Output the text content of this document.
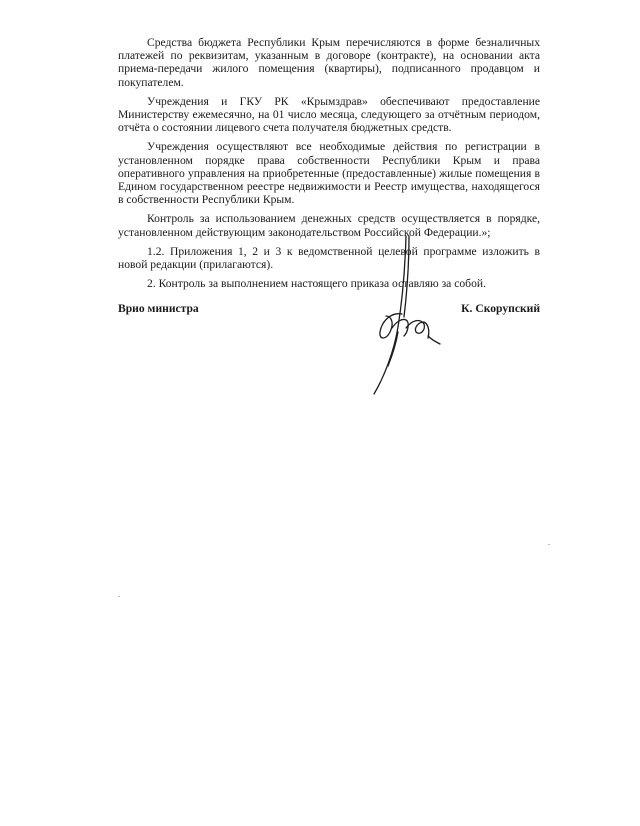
Средства бюджета Республики Крым перечисляются в форме безналичных платежей по реквизитам, указанным в договоре (контракте), на основании акта приема-передачи жилого помещения (квартиры), подписанного продавцом и покупателем.

Учреждения и ГКУ РК «Крымздрав» обеспечивают предоставление Министерству ежемесячно, на 01 число месяца, следующего за отчётным периодом, отчёта о состоянии лицевого счета получателя бюджетных средств.

Учреждения осуществляют все необходимые действия по регистрации в установленном порядке права собственности Республики Крым и права оперативного управления на приобретенные (предоставленные) жилые помещения в Едином государственном реестре недвижимости и Реестр имущества, находящегося в собственности Республики Крым.

Контроль за использованием денежных средств осуществляется в порядке, установленном действующим законодательством Российской Федерации.»;

1.2. Приложения 1, 2 и 3 к ведомственной целевой программе изложить в новой редакции (прилагаются).

2. Контроль за выполнением настоящего приказа оставляю за собой.

Врио министра	К. Скорупский
